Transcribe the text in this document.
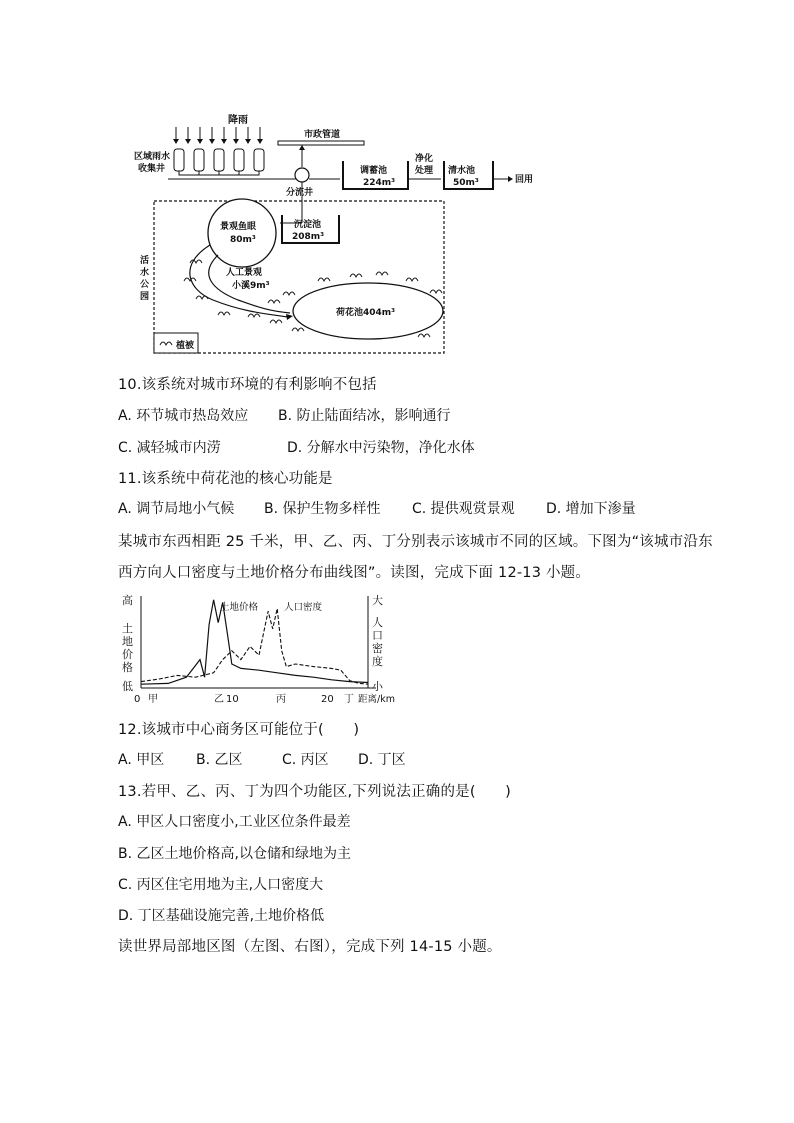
降雨
区域雨水
收集井
市政管道
分流井
调蓄池
224m³
净化
处理 清水池
50m³	回用
活
水
公
园
景观鱼眼
80m³
沉淀池
208m³
人工景观
小溪9m³
荷花池404m³
植被
10.该系统对城市环境的有利影响不包括
A. 环节城市热岛效应 B. 防止陆面结冰，影响通行
C. 减轻城市内涝	D. 分解水中污染物，净化水体
11.该系统中荷花池的核心功能是
A. 调节局地小气候 B. 保护生物多样性 C. 提供观赏景观 D. 增加下渗量
某城市东西相距 25 千米，甲、乙、丙、丁分别表示该城市不同的区域。下图为“该城市沿东
西方向人口密度与土地价格分布曲线图”。读图，完成下面 12-13 小题。
高
低
土
地
价
格
大
小
人
口
密
度
土地价格	人口密度
0 甲	乙 10	丙	20 丁 距离/km
12.该城市中心商务区可能位于(　　)
A. 甲区 B. 乙区	C. 丙区 D. 丁区
13.若甲、乙、丙、丁为四个功能区,下列说法正确的是(　　)
A. 甲区人口密度小,工业区位条件最差
B. 乙区土地价格高,以仓储和绿地为主
C. 丙区住宅用地为主,人口密度大
D. 丁区基础设施完善,土地价格低
读世界局部地区图（左图、右图），完成下列 14-15 小题。
